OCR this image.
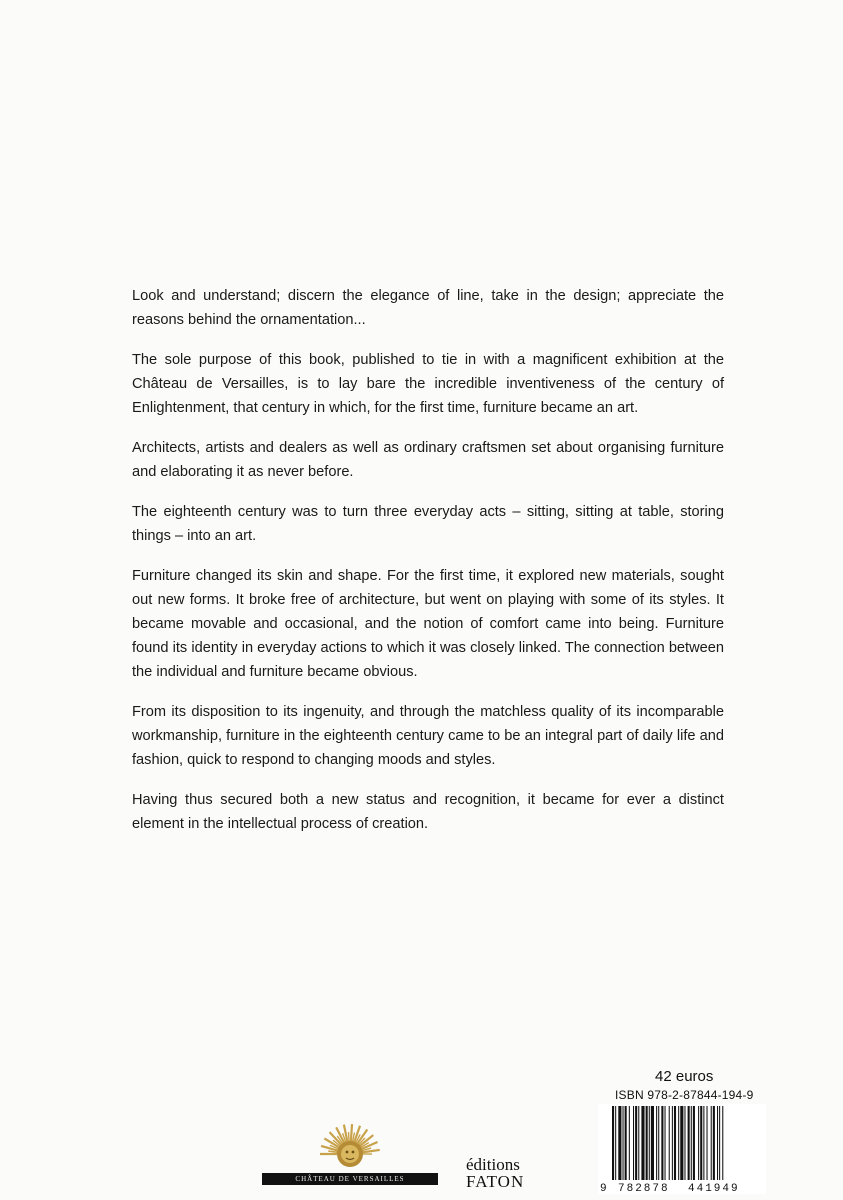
Look and understand; discern the elegance of line, take in the design; appreciate the reasons behind the ornamentation...

The sole purpose of this book, published to tie in with a magnificent exhibition at the Château de Versailles, is to lay bare the incredible inventiveness of the century of Enlightenment, that century in which, for the first time, furniture became an art.

Architects, artists and dealers as well as ordinary craftsmen set about organising furniture and elaborating it as never before.

The eighteenth century was to turn three everyday acts – sitting, sitting at table, storing things – into an art.

Furniture changed its skin and shape. For the first time, it explored new materials, sought out new forms. It broke free of architecture, but went on playing with some of its styles. It became movable and occasional, and the notion of comfort came into being. Furniture found its identity in everyday actions to which it was closely linked. The connection between the individual and furniture became obvious.

From its disposition to its ingenuity, and through the matchless quality of its incomparable workmanship, furniture in the eighteenth century came to be an integral part of daily life and fashion, quick to respond to changing moods and styles.

Having thus secured both a new status and recognition, it became for ever a distinct element in the intellectual process of creation.

42 euros
ISBN 978-2-87844-194-9
9 782878 441949
CHÂTEAU DE VERSAILLES
éditions
FATON
